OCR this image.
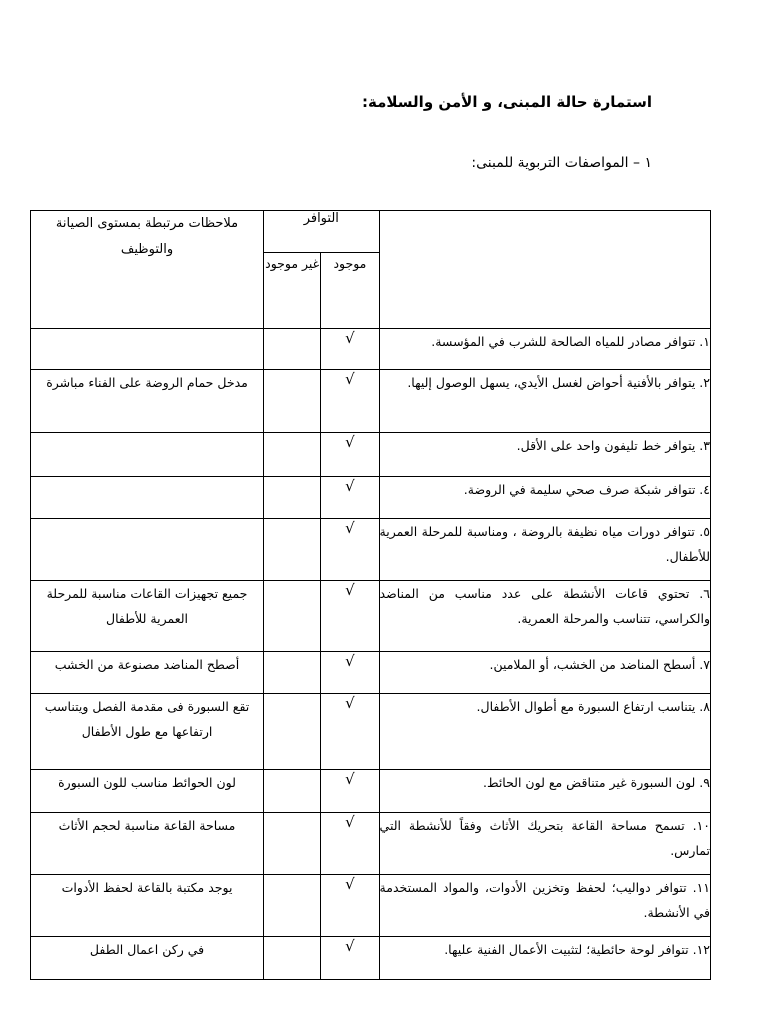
استمارة حالة المبنى، و الأمن والسلامة:
١ – المواصفات التربوية للمبنى:
	التوافر		ملاحظات مرتبطة بمستوى الصيانة والتوظيف
	موجود	غير موجود	
١. تتوافر مصادر للمياه الصالحة للشرب في المؤسسة.	√		
٢. يتوافر بالأفنية أحواض لغسل الأيدي، يسهل الوصول إليها.	√		مدخل حمام الروضة على الفناء مباشرة
٣. يتوافر خط تليفون واحد على الأقل.	√		
٤. تتوافر شبكة صرف صحي سليمة في الروضة.	√		
٥. تتوافر دورات مياه نظيفة بالروضة ، ومناسبة للمرحلة العمرية للأطفال.	√		
٦. تحتوي قاعات الأنشطة على عدد مناسب من المناضد والكراسي، تتناسب والمرحلة العمرية.	√		جميع تجهيزات القاعات مناسبة للمرحلة العمرية للأطفال
٧. أسطح المناضد من الخشب، أو الملامين.	√		أصطح المناضد مصنوعة من الخشب
٨. يتناسب ارتفاع السبورة مع أطوال الأطفال.	√		تقع السبورة فى مقدمة الفصل ويتناسب ارتفاعها مع طول الأطفال
٩. لون السبورة غير متناقض مع لون الحائط.	√		لون الحوائط مناسب للون السبورة
١٠. تسمح مساحة القاعة بتحريك الأثاث وفقاً للأنشطة التي تمارس.	√		مساحة القاعة مناسبة لحجم الأثاث
١١. تتوافر دواليب؛ لحفظ وتخزين الأدوات، والمواد المستخدمة في الأنشطة.	√		يوجد مكتبة بالقاعة لحفظ الأدوات
١٢. تتوافر لوحة حائطية؛ لتثبيت الأعمال الفنية عليها.	√		في ركن اعمال الطفل
